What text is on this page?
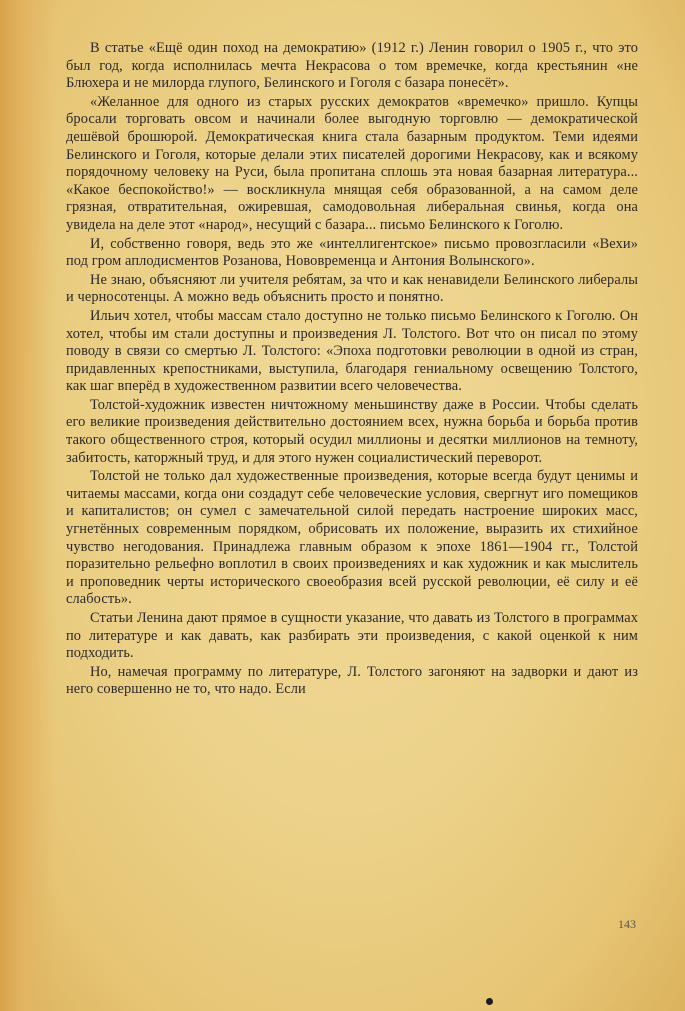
В статье «Ещё один поход на демократию» (1912 г.) Ленин говорил о 1905 г., что это был год, когда исполнилась мечта Некрасова о том времечке, когда крестьянин «не Блюхера и не милорда глупого, Белинского и Гоголя с базара понесёт».

«Желанное для одного из старых русских демократов «времечко» пришло. Купцы бросали торговать овсом и начинали более выгодную торговлю — демократической дешёвой брошюрой. Демократическая книга стала базарным продуктом. Теми идеями Белинского и Гоголя, которые делали этих писателей дорогими Некрасову, как и всякому порядочному человеку на Руси, была пропитана сплошь эта новая базарная литература... «Какое беспокойство!» — воскликнула мнящая себя образованной, а на самом деле грязная, отвратительная, ожиревшая, самодовольная либеральная свинья, когда она увидела на деле этот «народ», несущий с базара... письмо Белинского к Гоголю.

И, собственно говоря, ведь это же «интеллигентское» письмо провозгласили «Вехи» под гром аплодисментов Розанова, Нововременца и Антония Волынского».

Не знаю, объясняют ли учителя ребятам, за что и как ненавидели Белинского либералы и черносотенцы. А можно ведь объяснить просто и понятно.

Ильич хотел, чтобы массам стало доступно не только письмо Белинского к Гоголю. Он хотел, чтобы им стали доступны и произведения Л. Толстого. Вот что он писал по этому поводу в связи со смертью Л. Толстого: «Эпоха подготовки революции в одной из стран, придавленных крепостниками, выступила, благодаря гениальному освещению Толстого, как шаг вперёд в художественном развитии всего человечества.

Толстой-художник известен ничтожному меньшинству даже в России. Чтобы сделать его великие произведения действительно достоянием всех, нужна борьба и борьба против такого общественного строя, который осудил миллионы и десятки миллионов на темноту, забитость, каторжный труд, и для этого нужен социалистический переворот.

Толстой не только дал художественные произведения, которые всегда будут ценимы и читаемы массами, когда они создадут себе человеческие условия, свергнут иго помещиков и капиталистов; он сумел с замечательной силой передать настроение широких масс, угнетённых современным порядком, обрисовать их положение, выразить их стихийное чувство негодования. Принадлежа главным образом к эпохе 1861—1904 гг., Толстой поразительно рельефно воплотил в своих произведениях и как художник и как мыслитель и проповедник черты исторического своеобразия всей русской революции, её силу и её слабость».

Статьи Ленина дают прямое в сущности указание, что давать из Толстого в программах по литературе и как давать, как разбирать эти произведения, с какой оценкой к ним подходить.

Но, намечая программу по литературе, Л. Толстого загоняют на задворки и дают из него совершенно не то, что надо. Если

143
